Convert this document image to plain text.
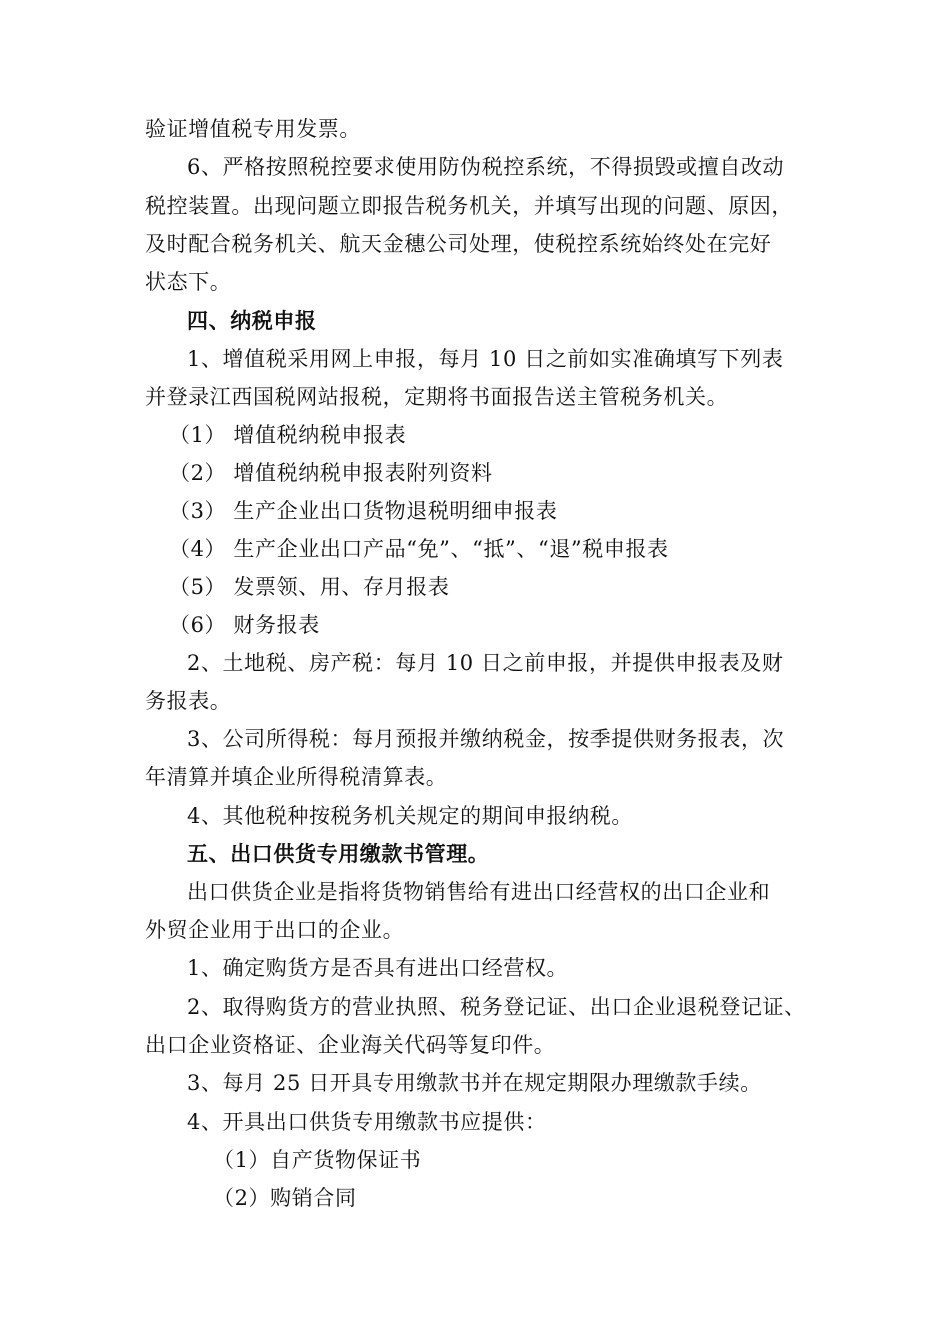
验证增值税专用发票。
6、严格按照税控要求使用防伪税控系统，不得损毁或擅自改动
税控装置。出现问题立即报告税务机关，并填写出现的问题、原因，
及时配合税务机关、航天金穗公司处理，使税控系统始终处在完好
状态下。
四、纳税申报
1、增值税采用网上申报，每月 10 日之前如实准确填写下列表
并登录江西国税网站报税，定期将书面报告送主管税务机关。
（1） 增值税纳税申报表
（2） 增值税纳税申报表附列资料
（3） 生产企业出口货物退税明细申报表
（4） 生产企业出口产品“免”、“抵”、“退”税申报表
（5） 发票领、用、存月报表
（6） 财务报表
2、土地税、房产税：每月 10 日之前申报，并提供申报表及财
务报表。
3、公司所得税：每月预报并缴纳税金，按季提供财务报表，次
年清算并填企业所得税清算表。
4、其他税种按税务机关规定的期间申报纳税。
五、出口供货专用缴款书管理。
出口供货企业是指将货物销售给有进出口经营权的出口企业和
外贸企业用于出口的企业。
1、确定购货方是否具有进出口经营权。
2、取得购货方的营业执照、税务登记证、出口企业退税登记证、
出口企业资格证、企业海关代码等复印件。
3、每月 25 日开具专用缴款书并在规定期限办理缴款手续。
4、开具出口供货专用缴款书应提供：
（1）自产货物保证书
（2）购销合同
